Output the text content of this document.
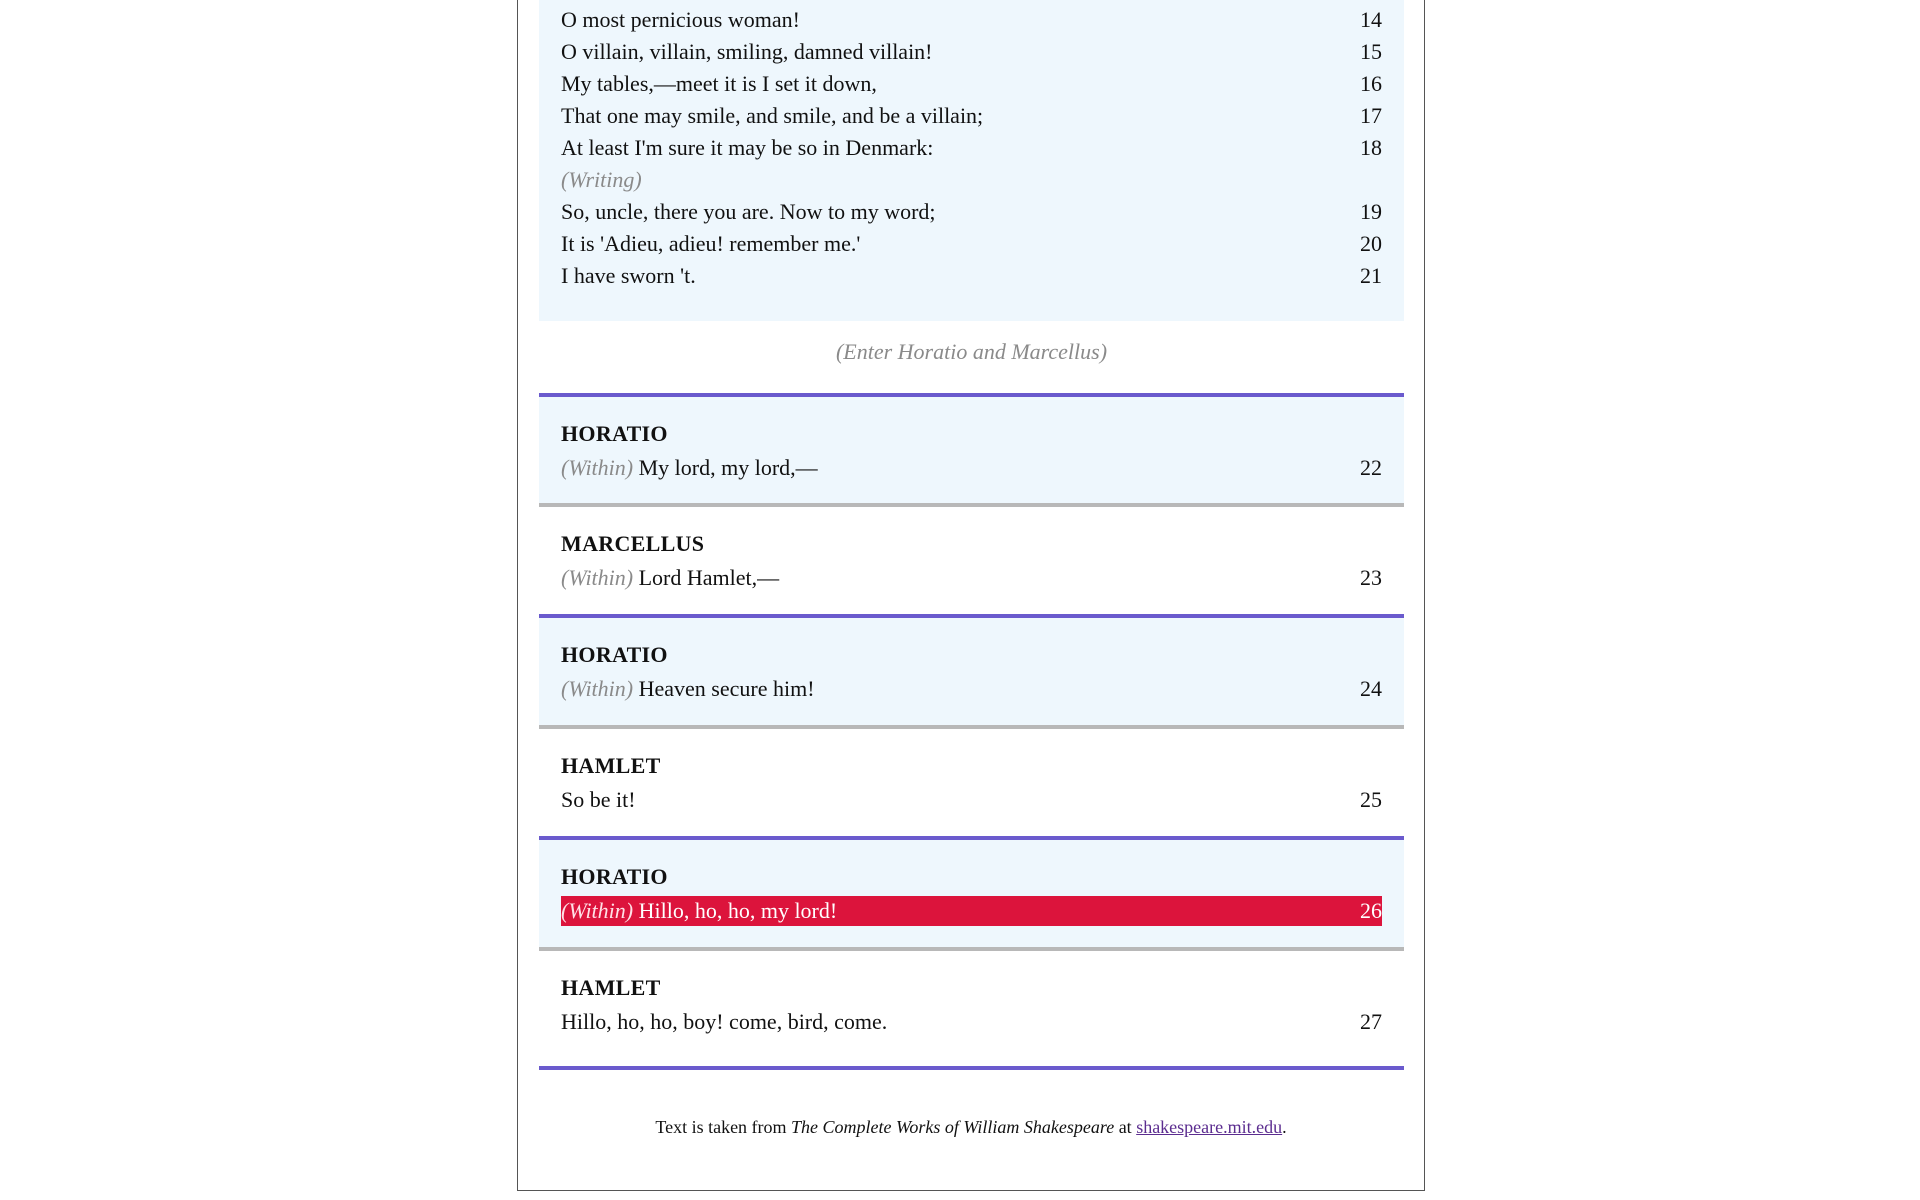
O most pernicious woman!	14
O villain, villain, smiling, damned villain!	15
My tables,—meet it is I set it down,	16
That one may smile, and smile, and be a villain;	17
At least I'm sure it may be so in Denmark:	18
(Writing)
So, uncle, there you are. Now to my word;	19
It is 'Adieu, adieu! remember me.'	20
I have sworn 't.	21
(Enter Horatio and Marcellus)
HORATIO
(Within) My lord, my lord,—	22
MARCELLUS
(Within) Lord Hamlet,—	23
HORATIO
(Within) Heaven secure him!	24
HAMLET
So be it!	25
HORATIO
(Within) Hillo, ho, ho, my lord!	26
HAMLET
Hillo, ho, ho, boy! come, bird, come.	27
Text is taken from The Complete Works of William Shakespeare at shakespeare.mit.edu.
